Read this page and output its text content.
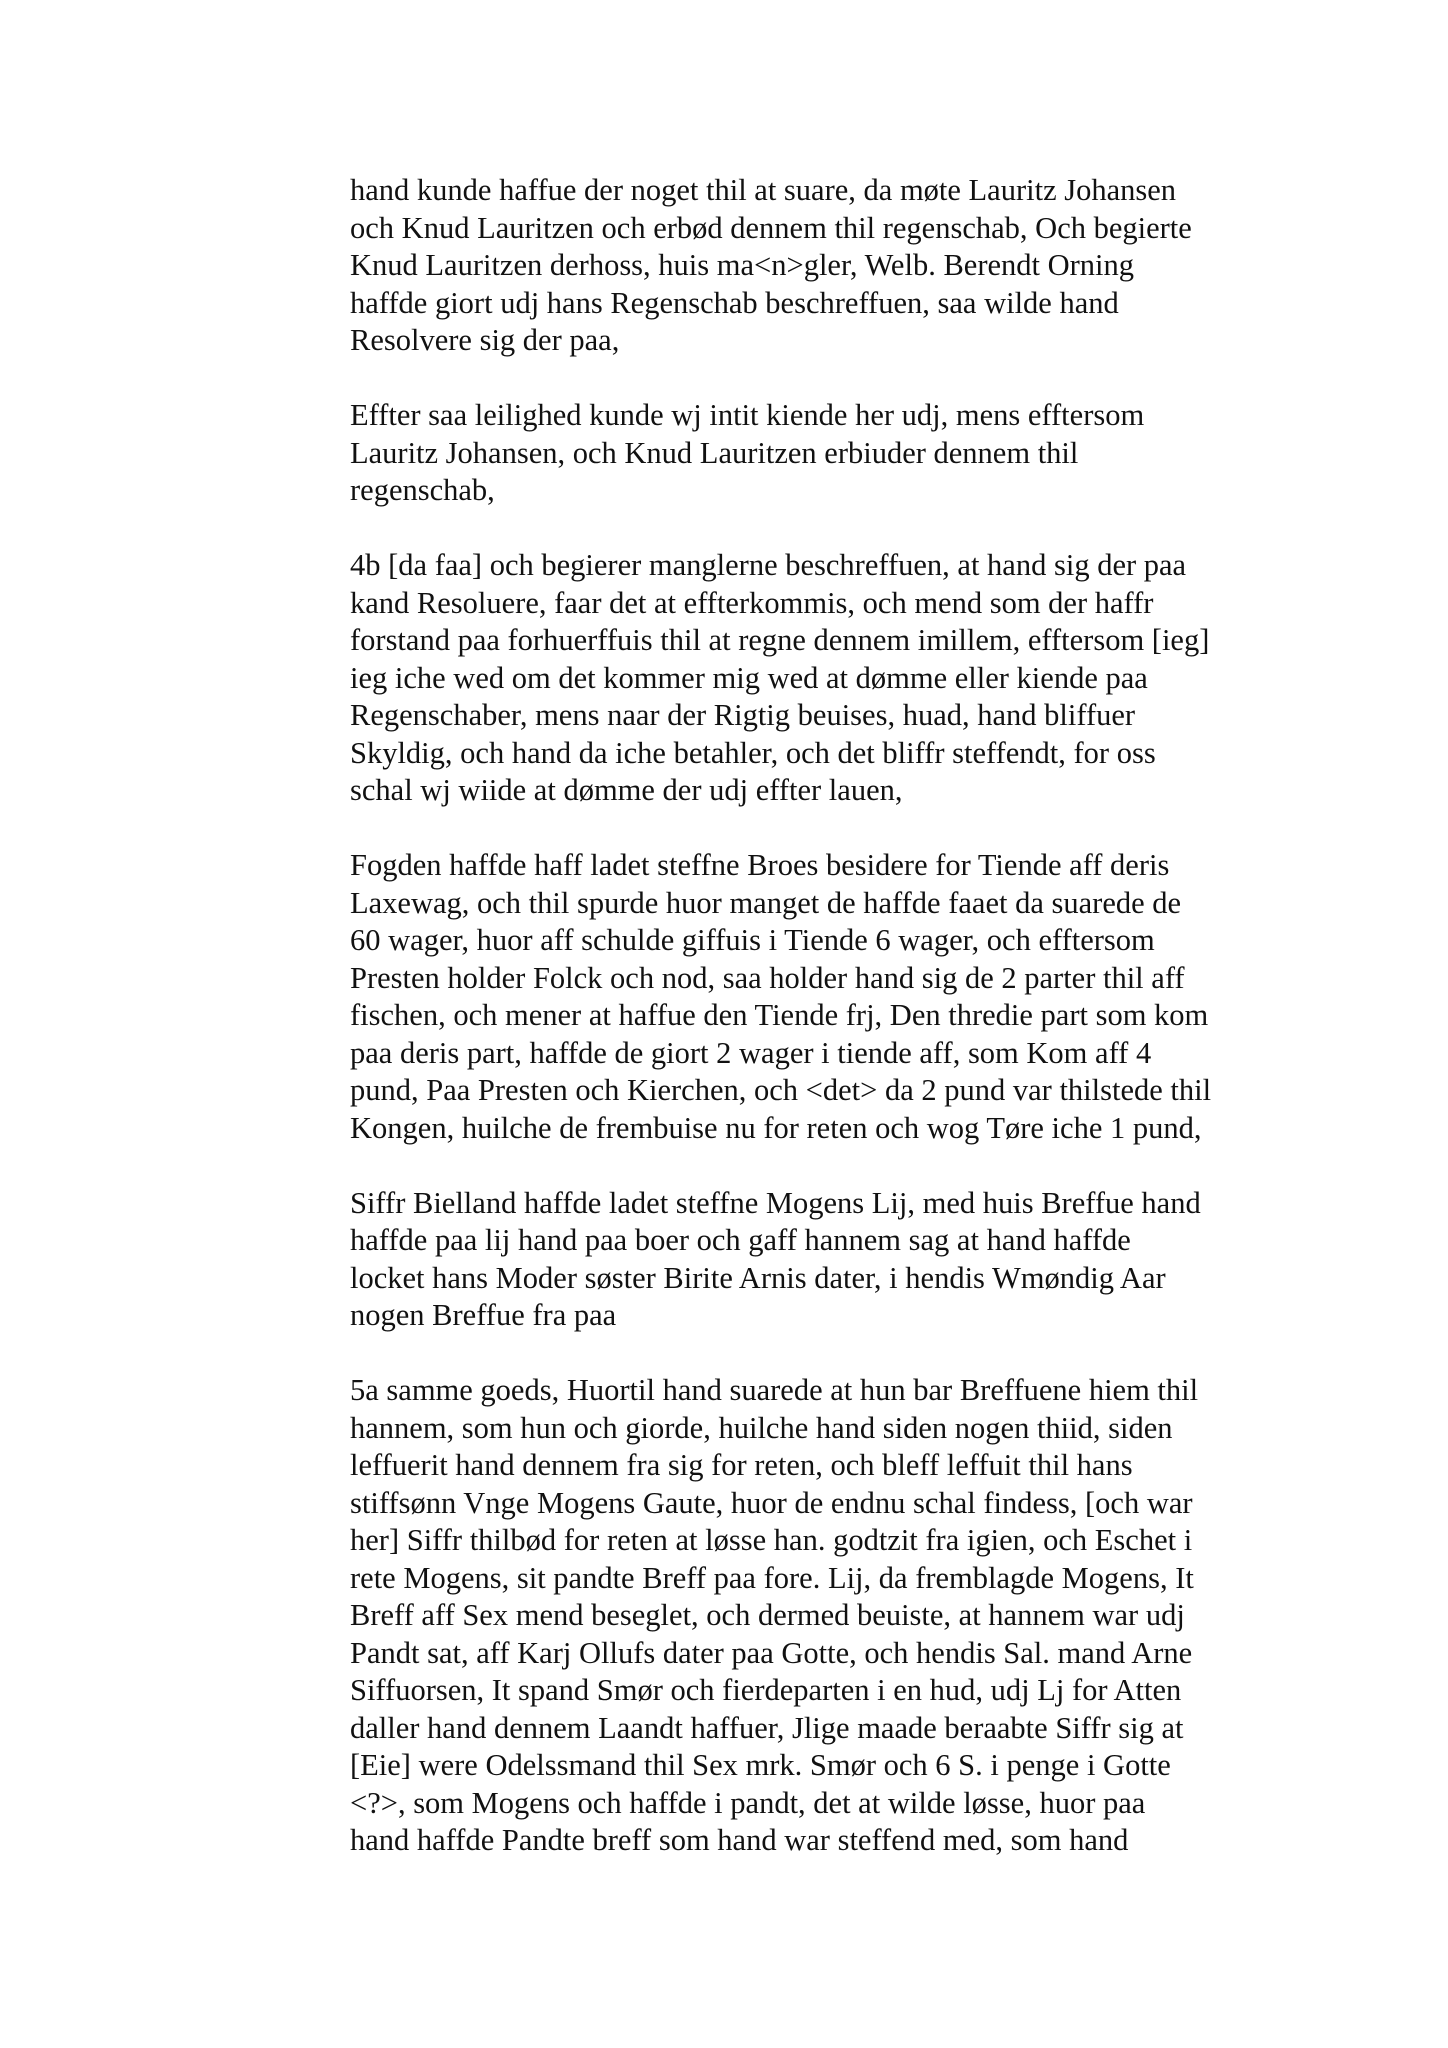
hand kunde haffue der noget thil at suare, da møte Lauritz Johansen
och Knud Lauritzen och erbød dennem thil regenschab, Och begierte
Knud Lauritzen derhoss, huis ma<n>gler, Welb. Berendt Orning
haffde giort udj hans Regenschab beschreffuen, saa wilde hand
Resolvere sig der paa,
Effter saa leilighed kunde wj intit kiende her udj, mens efftersom
Lauritz Johansen, och Knud Lauritzen erbiuder dennem thil
regenschab,
4b [da faa] och begierer manglerne beschreffuen, at hand sig der paa
kand Resoluere, faar det at effterkommis, och mend som der haffr
forstand paa forhuerffuis thil at regne dennem imillem, efftersom [ieg]
ieg iche wed om det kommer mig wed at dømme eller kiende paa
Regenschaber, mens naar der Rigtig beuises, huad, hand bliffuer
Skyldig, och hand da iche betahler, och det bliffr steffendt, for oss
schal wj wiide at dømme der udj effter lauen,
Fogden haffde haff ladet steffne Broes besidere for Tiende aff deris
Laxewag, och thil spurde huor manget de haffde faaet da suarede de
60 wager, huor aff schulde giffuis i Tiende 6 wager, och efftersom
Presten holder Folck och nod, saa holder hand sig de 2 parter thil aff
fischen, och mener at haffue den Tiende frj, Den thredie part som kom
paa deris part, haffde de giort 2 wager i tiende aff, som Kom aff 4
pund, Paa Presten och Kierchen, och <det> da 2 pund var thilstede thil
Kongen, huilche de frembuise nu for reten och wog Tøre iche 1 pund,
Siffr Bielland haffde ladet steffne Mogens Lij, med huis Breffue hand
haffde paa lij hand paa boer och gaff hannem sag at hand haffde
locket hans Moder søster Birite Arnis dater, i hendis Wmøndig Aar
nogen Breffue fra paa
5a samme goeds, Huortil hand suarede at hun bar Breffuene hiem thil
hannem, som hun och giorde, huilche hand siden nogen thiid, siden
leffuerit hand dennem fra sig for reten, och bleff leffuit thil hans
stiffsønn Vnge Mogens Gaute, huor de endnu schal findess, [och war
her] Siffr thilbød for reten at løsse han. godtzit fra igien, och Eschet i
rete Mogens, sit pandte Breff paa fore. Lij, da fremblagde Mogens, It
Breff aff Sex mend beseglet, och dermed beuiste, at hannem war udj
Pandt sat, aff Karj Ollufs dater paa Gotte, och hendis Sal. mand Arne
Siffuorsen, It spand Smør och fierdeparten i en hud, udj Lj for Atten
daller hand dennem Laandt haffuer, Jlige maade beraabte Siffr sig at
[Eie] were Odelssmand thil Sex mrk. Smør och 6 S. i penge i Gotte
<?>, som Mogens och haffde i pandt, det at wilde løsse, huor paa
hand haffde Pandte breff som hand war steffend med, som hand
